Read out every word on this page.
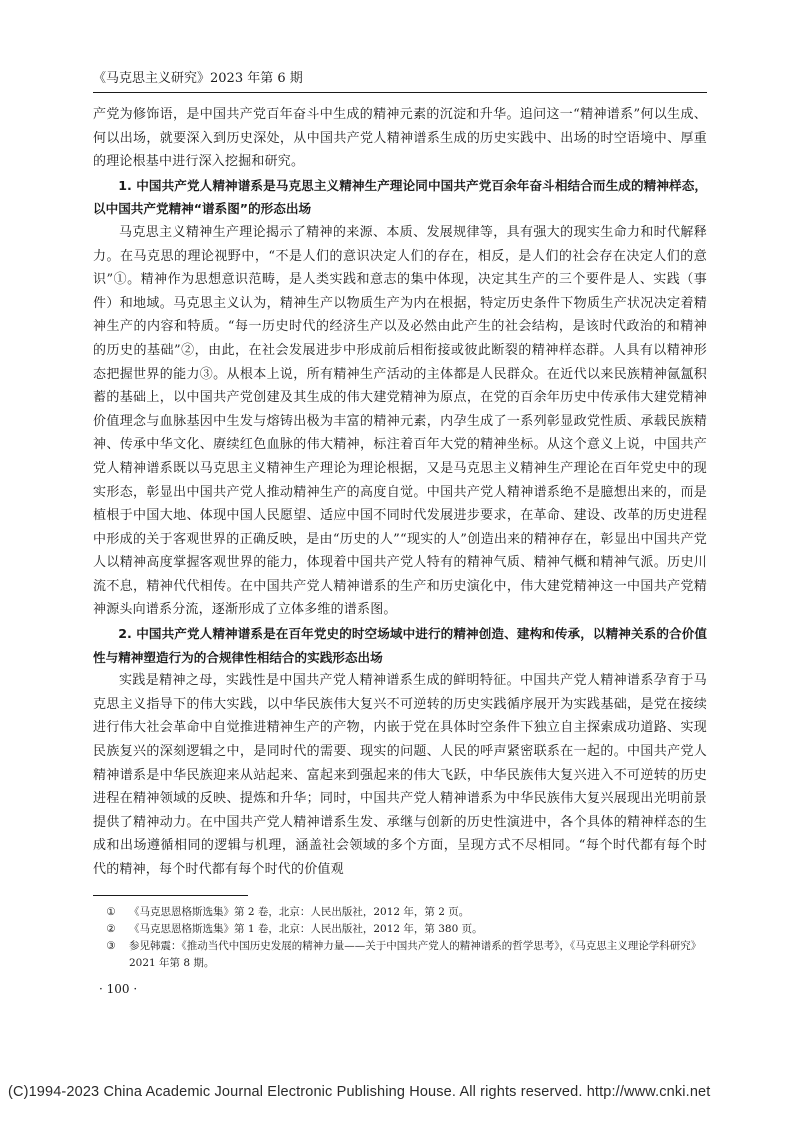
《马克思主义研究》2023 年第 6 期

产党为修饰语，是中国共产党百年奋斗中生成的精神元素的沉淀和升华。追问这一“精神谱系”何以生成、何以出场，就要深入到历史深处，从中国共产党人精神谱系生成的历史实践中、出场的时空语境中、厚重的理论根基中进行深入挖掘和研究。

1. 中国共产党人精神谱系是马克思主义精神生产理论同中国共产党百余年奋斗相结合而生成的精神样态，以中国共产党精神“谱系图”的形态出场

马克思主义精神生产理论揭示了精神的来源、本质、发展规律等，具有强大的现实生命力和时代解释力。在马克思的理论视野中，“不是人们的意识决定人们的存在，相反，是人们的社会存在决定人们的意识”①。精神作为思想意识范畴，是人类实践和意志的集中体现，决定其生产的三个要件是人、实践（事件）和地域。马克思主义认为，精神生产以物质生产为内在根据，特定历史条件下物质生产状况决定着精神生产的内容和特质。“每一历史时代的经济生产以及必然由此产生的社会结构，是该时代政治的和精神的历史的基础”②，由此，在社会发展进步中形成前后相衔接或彼此断裂的精神样态群。人具有以精神形态把握世界的能力③。从根本上说，所有精神生产活动的主体都是人民群众。在近代以来民族精神氤氲积蓄的基础上，以中国共产党创建及其生成的伟大建党精神为原点，在党的百余年历史中传承伟大建党精神价值理念与血脉基因中生发与熔铸出极为丰富的精神元素，内孕生成了一系列彰显政党性质、承载民族精神、传承中华文化、赓续红色血脉的伟大精神，标注着百年大党的精神坐标。从这个意义上说，中国共产党人精神谱系既以马克思主义精神生产理论为理论根据，又是马克思主义精神生产理论在百年党史中的现实形态，彰显出中国共产党人推动精神生产的高度自觉。中国共产党人精神谱系绝不是臆想出来的，而是植根于中国大地、体现中国人民愿望、适应中国不同时代发展进步要求，在革命、建设、改革的历史进程中形成的关于客观世界的正确反映，是由“历史的人”“现实的人”创造出来的精神存在，彰显出中国共产党人以精神高度掌握客观世界的能力，体现着中国共产党人特有的精神气质、精神气概和精神气派。历史川流不息，精神代代相传。在中国共产党人精神谱系的生产和历史演化中，伟大建党精神这一中国共产党精神源头向谱系分流，逐渐形成了立体多维的谱系图。

2. 中国共产党人精神谱系是在百年党史的时空场域中进行的精神创造、建构和传承，以精神关系的合价值性与精神塑造行为的合规律性相结合的实践形态出场

实践是精神之母，实践性是中国共产党人精神谱系生成的鲜明特征。中国共产党人精神谱系孕育于马克思主义指导下的伟大实践，以中华民族伟大复兴不可逆转的历史实践循序展开为实践基础，是党在接续进行伟大社会革命中自觉推进精神生产的产物，内嵌于党在具体时空条件下独立自主探索成功道路、实现民族复兴的深刻逻辑之中，是同时代的需要、现实的问题、人民的呼声紧密联系在一起的。中国共产党人精神谱系是中华民族迎来从站起来、富起来到强起来的伟大飞跃，中华民族伟大复兴进入不可逆转的历史进程在精神领域的反映、提炼和升华；同时，中国共产党人精神谱系为中华民族伟大复兴展现出光明前景提供了精神动力。在中国共产党人精神谱系生发、承继与创新的历史性演进中，各个具体的精神样态的生成和出场遵循相同的逻辑与机理，涵盖社会领域的多个方面，呈现方式不尽相同。“每个时代都有每个时代的精神，每个时代都有每个时代的价值观

①	《马克思恩格斯选集》第 2 卷，北京：人民出版社，2012 年，第 2 页。
②	《马克思恩格斯选集》第 1 卷，北京：人民出版社，2012 年，第 380 页。
③	参见韩震：《推动当代中国历史发展的精神力量——关于中国共产党人的精神谱系的哲学思考》，《马克思主义理论学科研究》2021 年第 8 期。
· 100 ·
(C)1994-2023 China Academic Journal Electronic Publishing House. All rights reserved. http://www.cnki.net
